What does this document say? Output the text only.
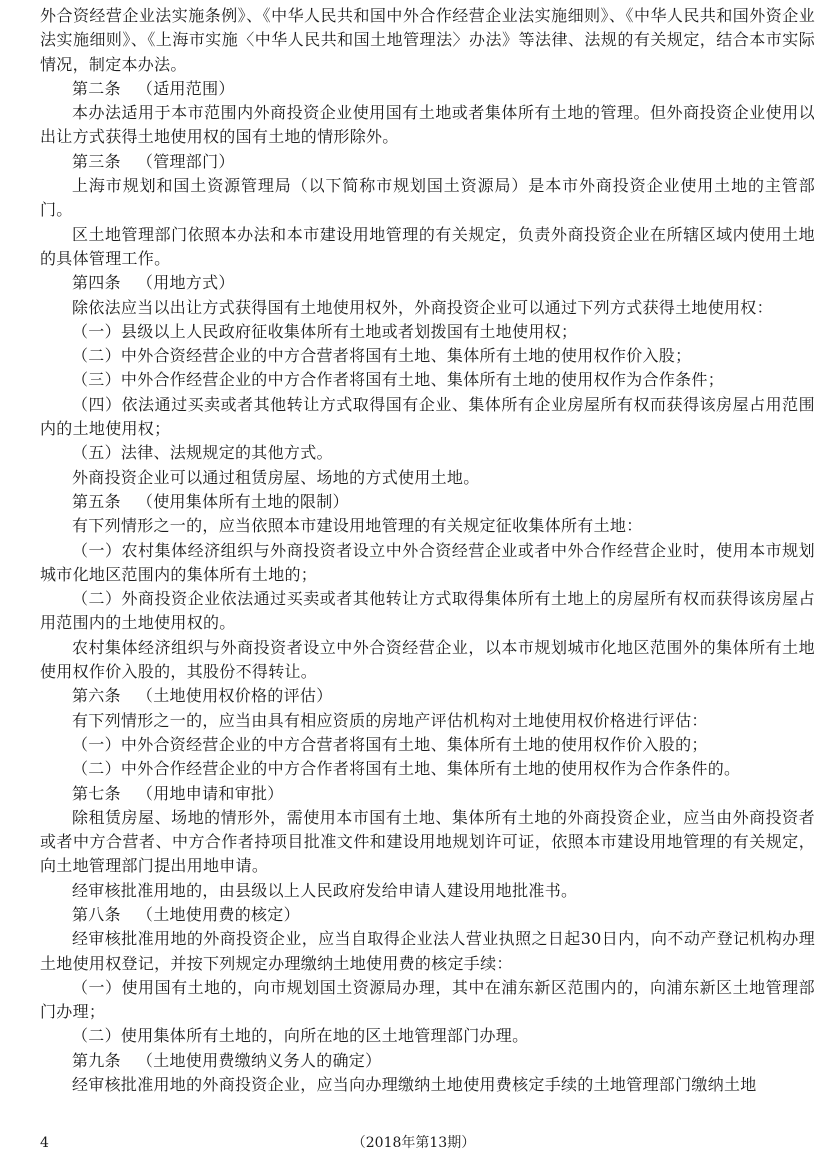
外合资经营企业法实施条例》、《中华人民共和国中外合作经营企业法实施细则》、《中华人民共和国外资企业法实施细则》、《上海市实施〈中华人民共和国土地管理法〉办法》等法律、法规的有关规定，结合本市实际情况，制定本办法。

第二条 （适用范围）

本办法适用于本市范围内外商投资企业使用国有土地或者集体所有土地的管理。但外商投资企业使用以出让方式获得土地使用权的国有土地的情形除外。

第三条 （管理部门）

上海市规划和国土资源管理局（以下简称市规划国土资源局）是本市外商投资企业使用土地的主管部门。

区土地管理部门依照本办法和本市建设用地管理的有关规定，负责外商投资企业在所辖区域内使用土地的具体管理工作。

第四条 （用地方式）

除依法应当以出让方式获得国有土地使用权外，外商投资企业可以通过下列方式获得土地使用权：

（一）县级以上人民政府征收集体所有土地或者划拨国有土地使用权；

（二）中外合资经营企业的中方合营者将国有土地、集体所有土地的使用权作价入股；

（三）中外合作经营企业的中方合作者将国有土地、集体所有土地的使用权作为合作条件；

（四）依法通过买卖或者其他转让方式取得国有企业、集体所有企业房屋所有权而获得该房屋占用范围内的土地使用权；

（五）法律、法规规定的其他方式。

外商投资企业可以通过租赁房屋、场地的方式使用土地。

第五条 （使用集体所有土地的限制）

有下列情形之一的，应当依照本市建设用地管理的有关规定征收集体所有土地：

（一）农村集体经济组织与外商投资者设立中外合资经营企业或者中外合作经营企业时，使用本市规划城市化地区范围内的集体所有土地的；

（二）外商投资企业依法通过买卖或者其他转让方式取得集体所有土地上的房屋所有权而获得该房屋占用范围内的土地使用权的。

农村集体经济组织与外商投资者设立中外合资经营企业，以本市规划城市化地区范围外的集体所有土地使用权作价入股的，其股份不得转让。

第六条 （土地使用权价格的评估）

有下列情形之一的，应当由具有相应资质的房地产评估机构对土地使用权价格进行评估：

（一）中外合资经营企业的中方合营者将国有土地、集体所有土地的使用权作价入股的；

（二）中外合作经营企业的中方合作者将国有土地、集体所有土地的使用权作为合作条件的。

第七条 （用地申请和审批）

除租赁房屋、场地的情形外，需使用本市国有土地、集体所有土地的外商投资企业，应当由外商投资者或者中方合营者、中方合作者持项目批准文件和建设用地规划许可证，依照本市建设用地管理的有关规定，向土地管理部门提出用地申请。

经审核批准用地的，由县级以上人民政府发给申请人建设用地批准书。

第八条 （土地使用费的核定）

经审核批准用地的外商投资企业，应当自取得企业法人营业执照之日起30日内，向不动产登记机构办理土地使用权登记，并按下列规定办理缴纳土地使用费的核定手续：

（一）使用国有土地的，向市规划国土资源局办理，其中在浦东新区范围内的，向浦东新区土地管理部门办理；

（二）使用集体所有土地的，向所在地的区土地管理部门办理。

第九条 （土地使用费缴纳义务人的确定）

经审核批准用地的外商投资企业，应当向办理缴纳土地使用费核定手续的土地管理部门缴纳土地

4	（2018年第13期）
